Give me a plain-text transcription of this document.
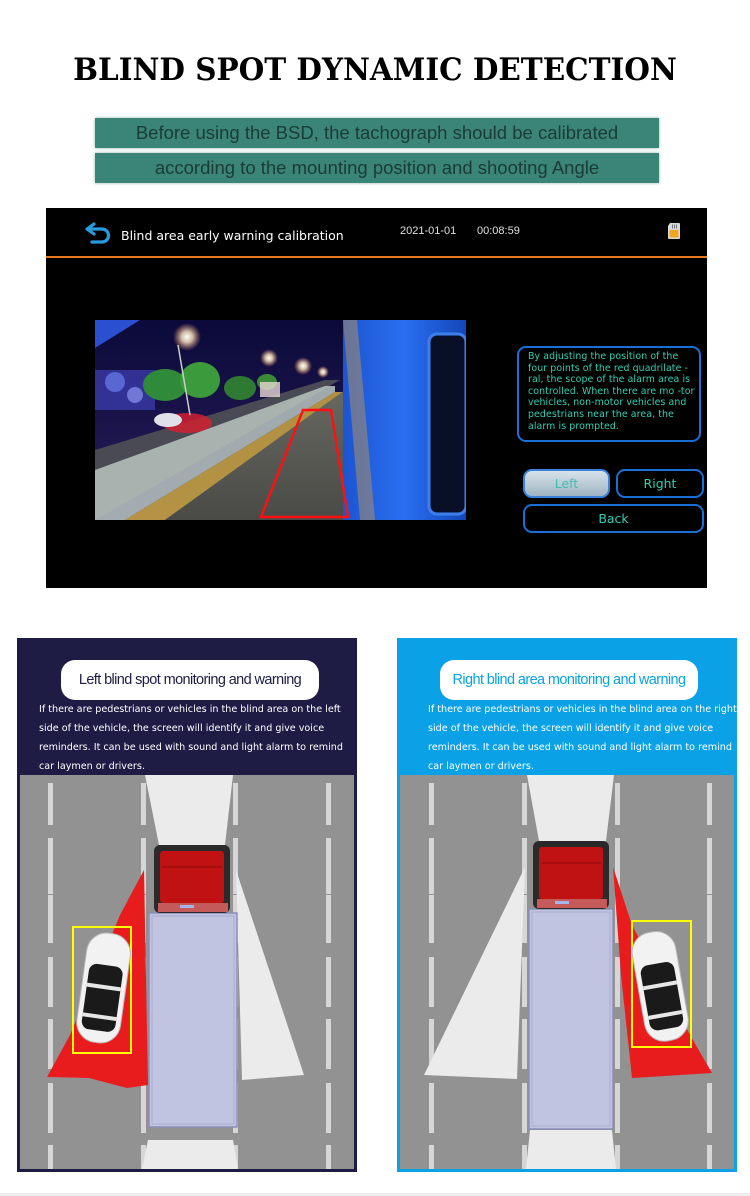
BLIND SPOT DYNAMIC DETECTION
Before using the BSD, the tachograph should be calibrated
according to the mounting position and shooting Angle
Blind area early warning calibration	2021-01-01 00:08:59
By adjusting the position of the four points of the red quadrilate -ral, the scope of the alarm area is controlled. When there are mo -tor vehicles, non-motor vehicles and pedestrians near the area, the alarm is prompted.
Left	Right
Back
Left blind spot monitoring and warning
If there are pedestrians or vehicles in the blind area on the left side of the vehicle, the screen will identify it and give voice reminders. It can be used with sound and light alarm to remind car laymen or drivers.
Right blind area monitoring and warning
If there are pedestrians or vehicles in the blind area on the right side of the vehicle, the screen will identify it and give voice reminders. It can be used with sound and light alarm to remind car laymen or drivers.
